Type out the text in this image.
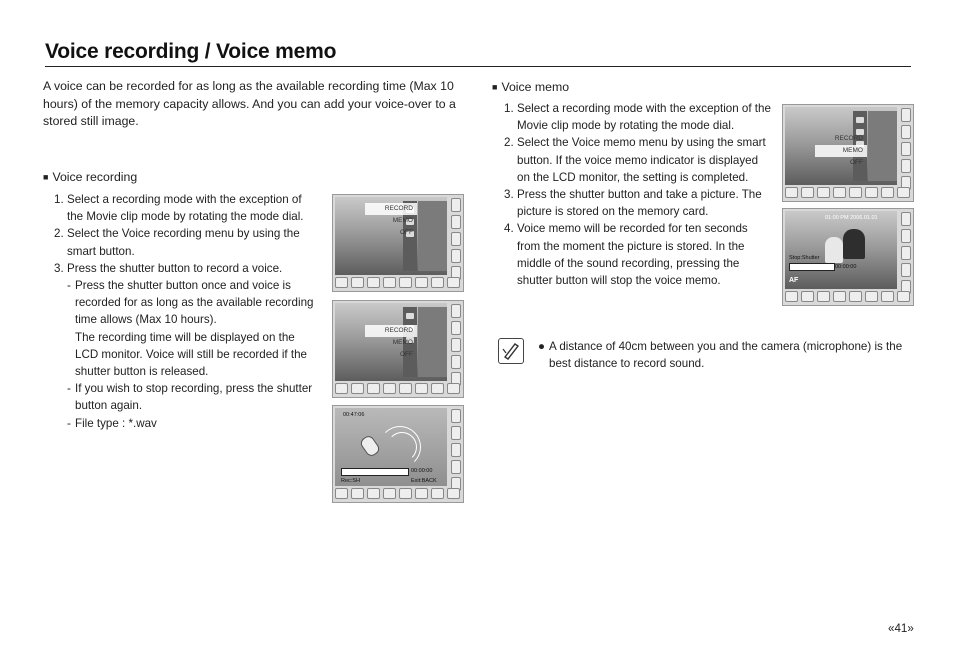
Voice recording / Voice memo

A voice can be recorded for as long as the available recording time (Max 10 hours) of the memory capacity allows. And you can add your voice-over to a stored still image.

■ Voice recording
1. Select a recording mode with the exception of the Movie clip mode by rotating the mode dial.
2. Select the Voice recording menu by using the smart button.
3. Press the shutter button to record a voice.
- Press the shutter button once and voice is recorded for as long as the available recording time allows (Max 10 hours).
The recording time will be displayed on the LCD monitor. Voice will still be recorded if the shutter button is released.
- If you wish to stop recording, press the shutter button again.
- File type : *.wav
RECORD
MEMO
OFF
RECORD
MEMO
OFF
00:47:06
00:00:00
Rec:SH	Exit:BACK
■ Voice memo
1. Select a recording mode with the exception of the Movie clip mode by rotating the mode dial.
2. Select the Voice memo menu by using the smart button. If the voice memo indicator is displayed on the LCD monitor, the setting is completed.
3. Press the shutter button and take a picture. The picture is stored on the memory card.
4. Voice memo will be recorded for ten seconds from the moment the picture is stored. In the middle of the sound recording, pressing the shutter button will stop the voice memo.
RECORD
MEMO
OFF
01:00 PM 2006.01.01
Stop:Shutter
00:00:00
AF
● A distance of 40cm between you and the camera (microphone) is the best distance to record sound.
«41»
